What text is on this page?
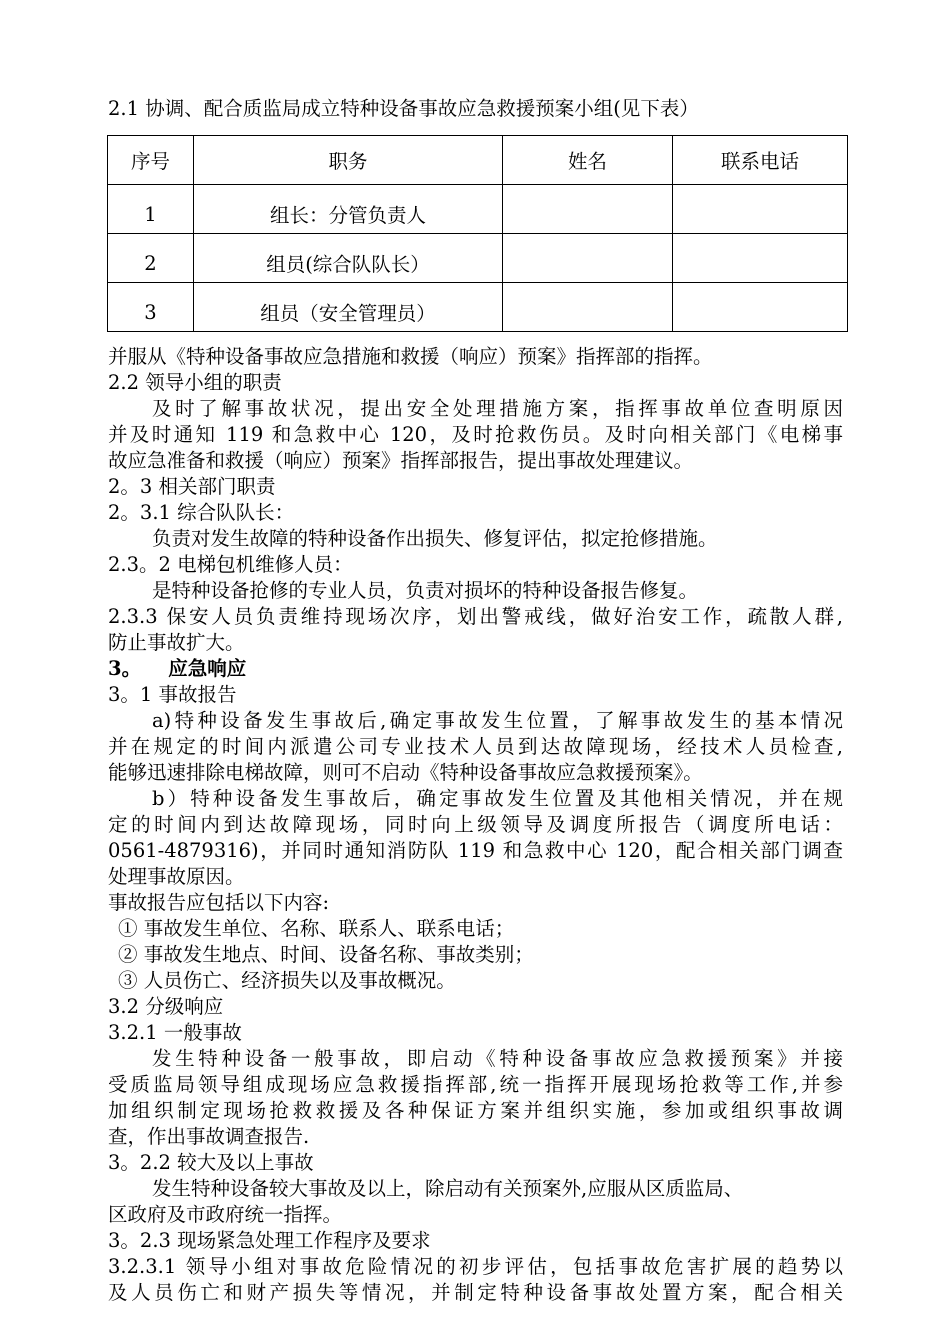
2.1 协调、配合质监局成立特种设备事故应急救援预案小组(见下表）
序号	职务	姓名	联系电话
1	组长：分管负责人		
2	组员(综合队队长）		
3	组员（安全管理员）		
并服从《特种设备事故应急措施和救援（响应）预案》指挥部的指挥。
2.2 领导小组的职责
及时了解事故状况，提出安全处理措施方案，指挥事故单位查明原因
并及时通知 119 和急救中心 120，及时抢救伤员。及时向相关部门《电梯事
故应急准备和救援（响应）预案》指挥部报告，提出事故处理建议。
2。3 相关部门职责
2。3.1 综合队队长：
负责对发生故障的特种设备作出损失、修复评估，拟定抢修措施。
2.3。2 电梯包机维修人员：
是特种设备抢修的专业人员，负责对损坏的特种设备报告修复。
2.3.3 保安人员负责维持现场次序，划出警戒线，做好治安工作，疏散人群,
防止事故扩大。
3。    应急响应
3。1 事故报告
a)特种设备发生事故后,确定事故发生位置，了解事故发生的基本情况
并在规定的时间内派遣公司专业技术人员到达故障现场，经技术人员检查,
能够迅速排除电梯故障，则可不启动《特种设备事故应急救援预案》。
b）特种设备发生事故后，确定事故发生位置及其他相关情况，并在规
定的时间内到达故障现场，同时向上级领导及调度所报告（调度所电话：
0561-4879316)，并同时通知消防队 119 和急救中心 120，配合相关部门调查
处理事故原因。
事故报告应包括以下内容:
① 事故发生单位、名称、联系人、联系电话；
② 事故发生地点、时间、设备名称、事故类别；
③ 人员伤亡、经济损失以及事故概况。
3.2 分级响应
3.2.1 一般事故
发生特种设备一般事故，即启动《特种设备事故应急救援预案》并接
受质监局领导组成现场应急救援指挥部,统一指挥开展现场抢救等工作,并参
加组织制定现场抢救救援及各种保证方案并组织实施，参加或组织事故调
查，作出事故调查报告.
3。2.2 较大及以上事故
发生特种设备较大事故及以上，除启动有关预案外,应服从区质监局、
区政府及市政府统一指挥。
3。2.3 现场紧急处理工作程序及要求
3.2.3.1 领导小组对事故危险情况的初步评估，包括事故危害扩展的趋势以
及人员伤亡和财产损失等情况，并制定特种设备事故处置方案，配合相关
